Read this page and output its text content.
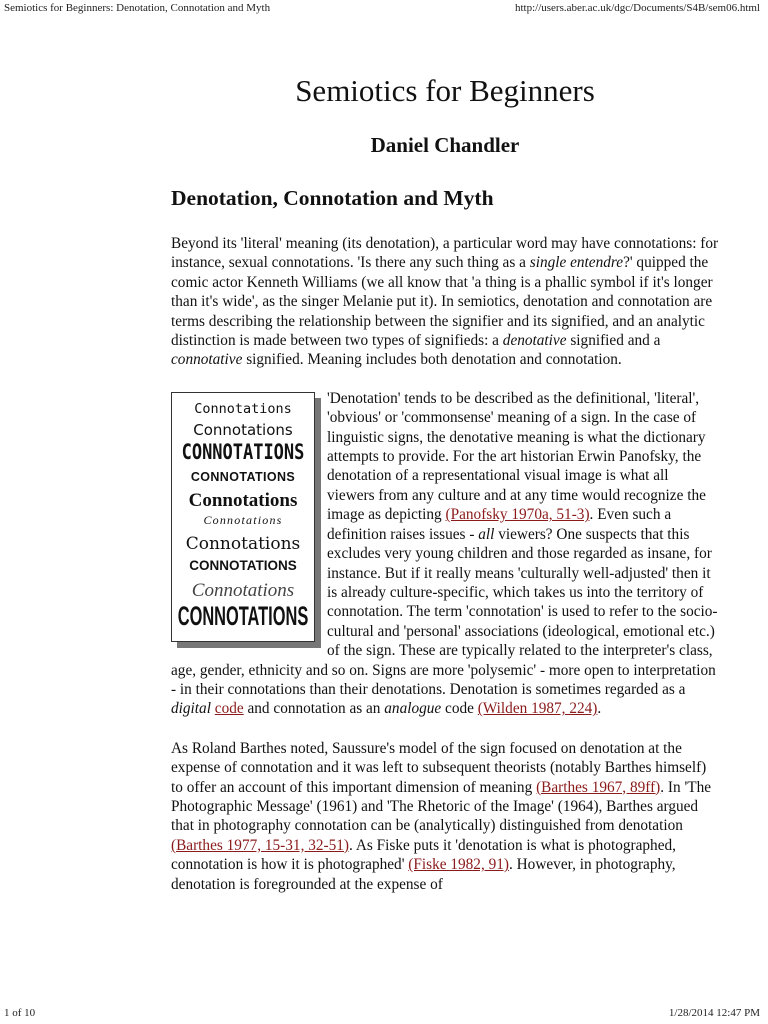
Semiotics for Beginners: Denotation, Connotation and Myth	http://users.aber.ac.uk/dgc/Documents/S4B/sem06.html
Semiotics for Beginners
Daniel Chandler
Denotation, Connotation and Myth

Beyond its 'literal' meaning (its denotation), a particular word may have connotations: for instance, sexual connotations. 'Is there any such thing as a single entendre?' quipped the comic actor Kenneth Williams (we all know that 'a thing is a phallic symbol if it's longer than it's wide', as the singer Melanie put it). In semiotics, denotation and connotation are terms describing the relationship between the signifier and its signified, and an analytic distinction is made between two types of signifieds: a denotative signified and a connotative signified. Meaning includes both denotation and connotation.

Connotations
Connotations
CONNOTATIONS
CONNOTATIONS
Connotations
Connotations
Connotations
CONNOTATIONS
Connotations
CONNOTATIONS
'Denotation' tends to be described as the definitional, 'literal', 'obvious' or 'commonsense' meaning of a sign. In the case of linguistic signs, the denotative meaning is what the dictionary attempts to provide. For the art historian Erwin Panofsky, the denotation of a representational visual image is what all viewers from any culture and at any time would recognize the image as depicting (Panofsky 1970a, 51-3). Even such a definition raises issues - all viewers? One suspects that this excludes very young children and those regarded as insane, for instance. But if it really means 'culturally well-adjusted' then it is already culture-specific, which takes us into the territory of connotation. The term 'connotation' is used to refer to the socio-cultural and 'personal' associations (ideological, emotional etc.) of the sign. These are typically related to the interpreter's class, age, gender, ethnicity and so on. Signs are more 'polysemic' - more open to interpretation - in their connotations than their denotations. Denotation is sometimes regarded as a digital code and connotation as an analogue code (Wilden 1987, 224).

As Roland Barthes noted, Saussure's model of the sign focused on denotation at the expense of connotation and it was left to subsequent theorists (notably Barthes himself) to offer an account of this important dimension of meaning (Barthes 1967, 89ff). In 'The Photographic Message' (1961) and 'The Rhetoric of the Image' (1964), Barthes argued that in photography connotation can be (analytically) distinguished from denotation (Barthes 1977, 15-31, 32-51). As Fiske puts it 'denotation is what is photographed, connotation is how it is photographed' (Fiske 1982, 91). However, in photography, denotation is foregrounded at the expense of

1 of 10	1/28/2014 12:47 PM
